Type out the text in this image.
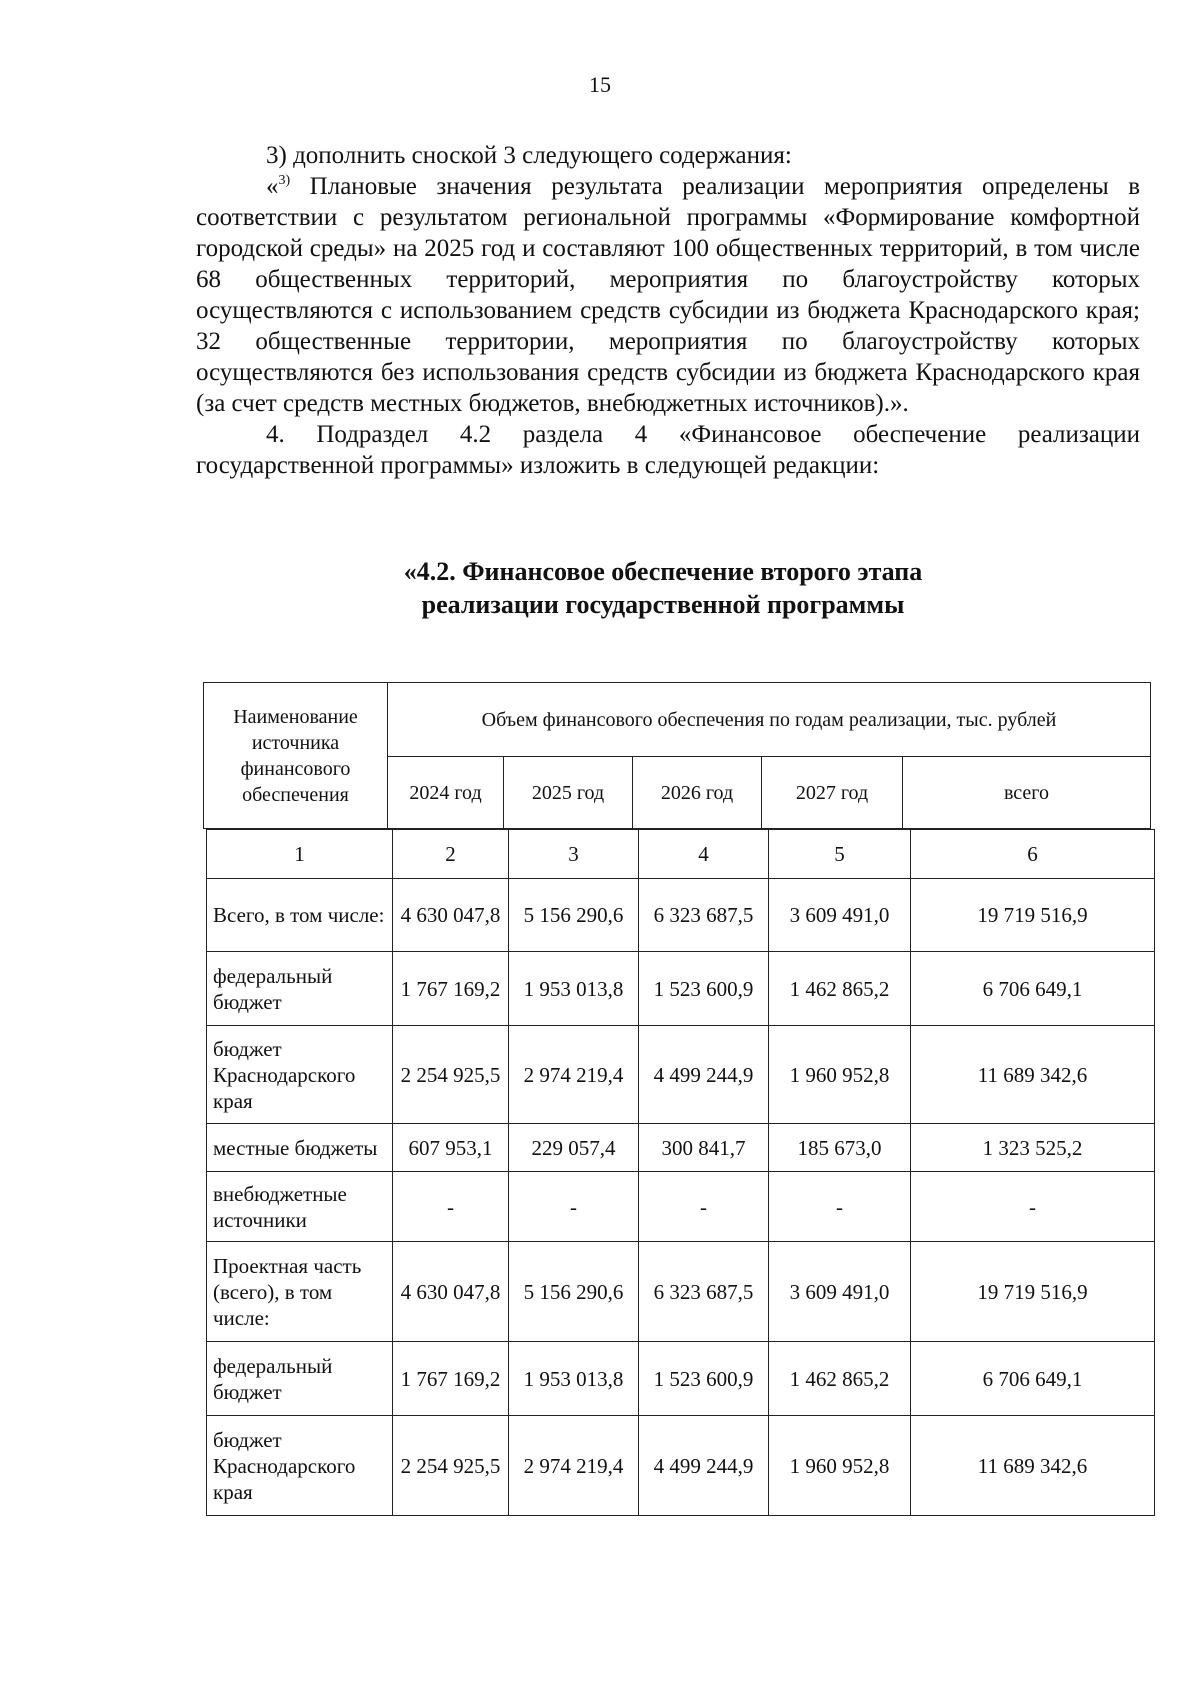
15

3) дополнить сноской 3 следующего содержания:

«$^{3)}$ Плановые значения результата реализации мероприятия определены в соответствии с результатом региональной программы «Формирование комфортной городской среды» на 2025 год и составляют 100 общественных территорий, в том числе 68 общественных территорий, мероприятия по благоустройству которых осуществляются с использованием средств субсидии из бюджета Краснодарского края; 32 общественные территории, мероприятия по благоустройству которых осуществляются без использования средств субсидии из бюджета Краснодарского края (за счет средств местных бюджетов, внебюджетных источников).».

4. Подраздел 4.2 раздела 4 «Финансовое обеспечение реализации государственной программы» изложить в следующей редакции:

«4.2. Финансовое обеспечение второго этапа
реализации государственной программы
Наименование источника финансового обеспечения	Объем финансового обеспечения по годам реализации, тыс. рублей				
	2024 год	2025 год	2026 год	2027 год	всего
1	2	3	4	5	6
Всего, в том числе:	4 630 047,8	5 156 290,6	6 323 687,5	3 609 491,0	19 719 516,9
федеральный бюджет	1 767 169,2	1 953 013,8	1 523 600,9	1 462 865,2	6 706 649,1
бюджет Краснодарского края	2 254 925,5	2 974 219,4	4 499 244,9	1 960 952,8	11 689 342,6
местные бюджеты	607 953,1	229 057,4	300 841,7	185 673,0	1 323 525,2
внебюджетные источники	-	-	-	-	-
Проектная часть (всего), в том числе:	4 630 047,8	5 156 290,6	6 323 687,5	3 609 491,0	19 719 516,9
федеральный бюджет	1 767 169,2	1 953 013,8	1 523 600,9	1 462 865,2	6 706 649,1
бюджет Краснодарского края	2 254 925,5	2 974 219,4	4 499 244,9	1 960 952,8	11 689 342,6
